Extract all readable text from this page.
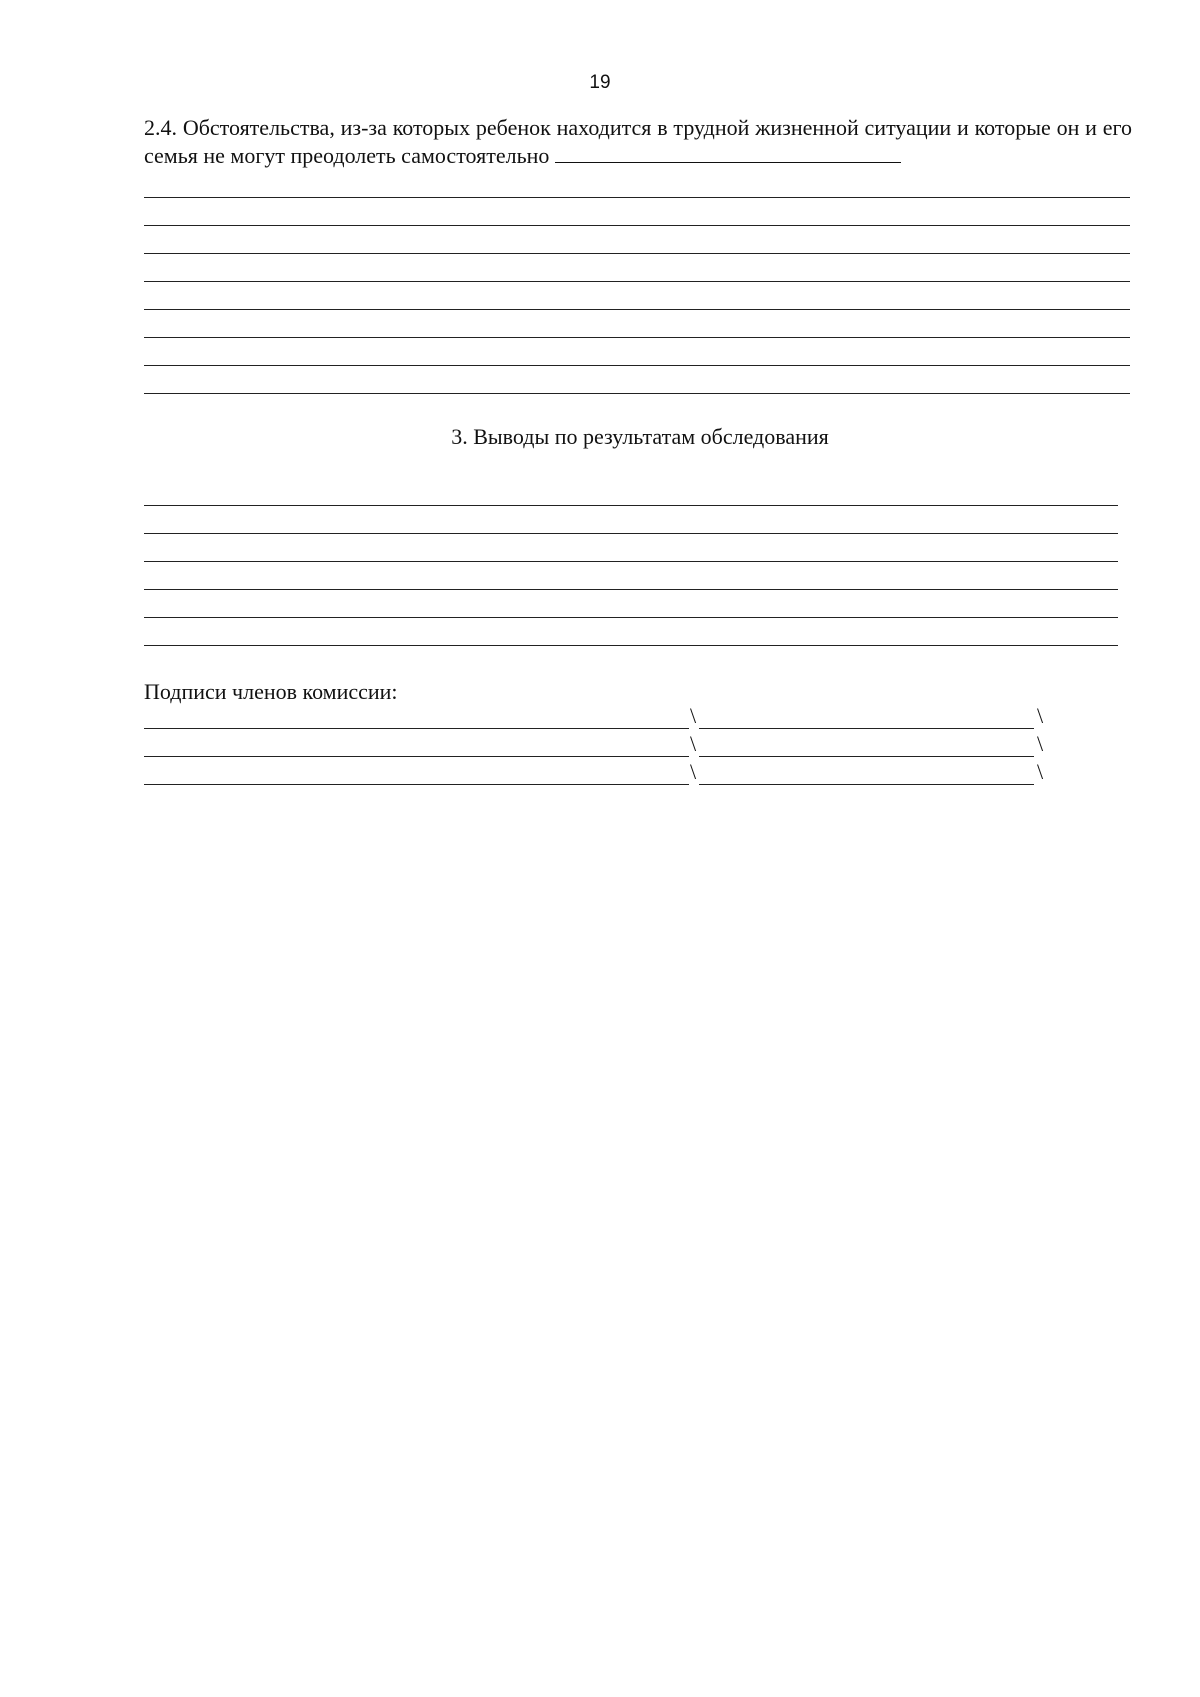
19

2.4. Обстоятельства, из-за которых ребенок находится в трудной жизненной ситуации и которые он и его семья не могут преодолеть самостоятельно

3. Выводы по результатам обследования

Подписи членов комиссии:

\	\
\	\
\	\
